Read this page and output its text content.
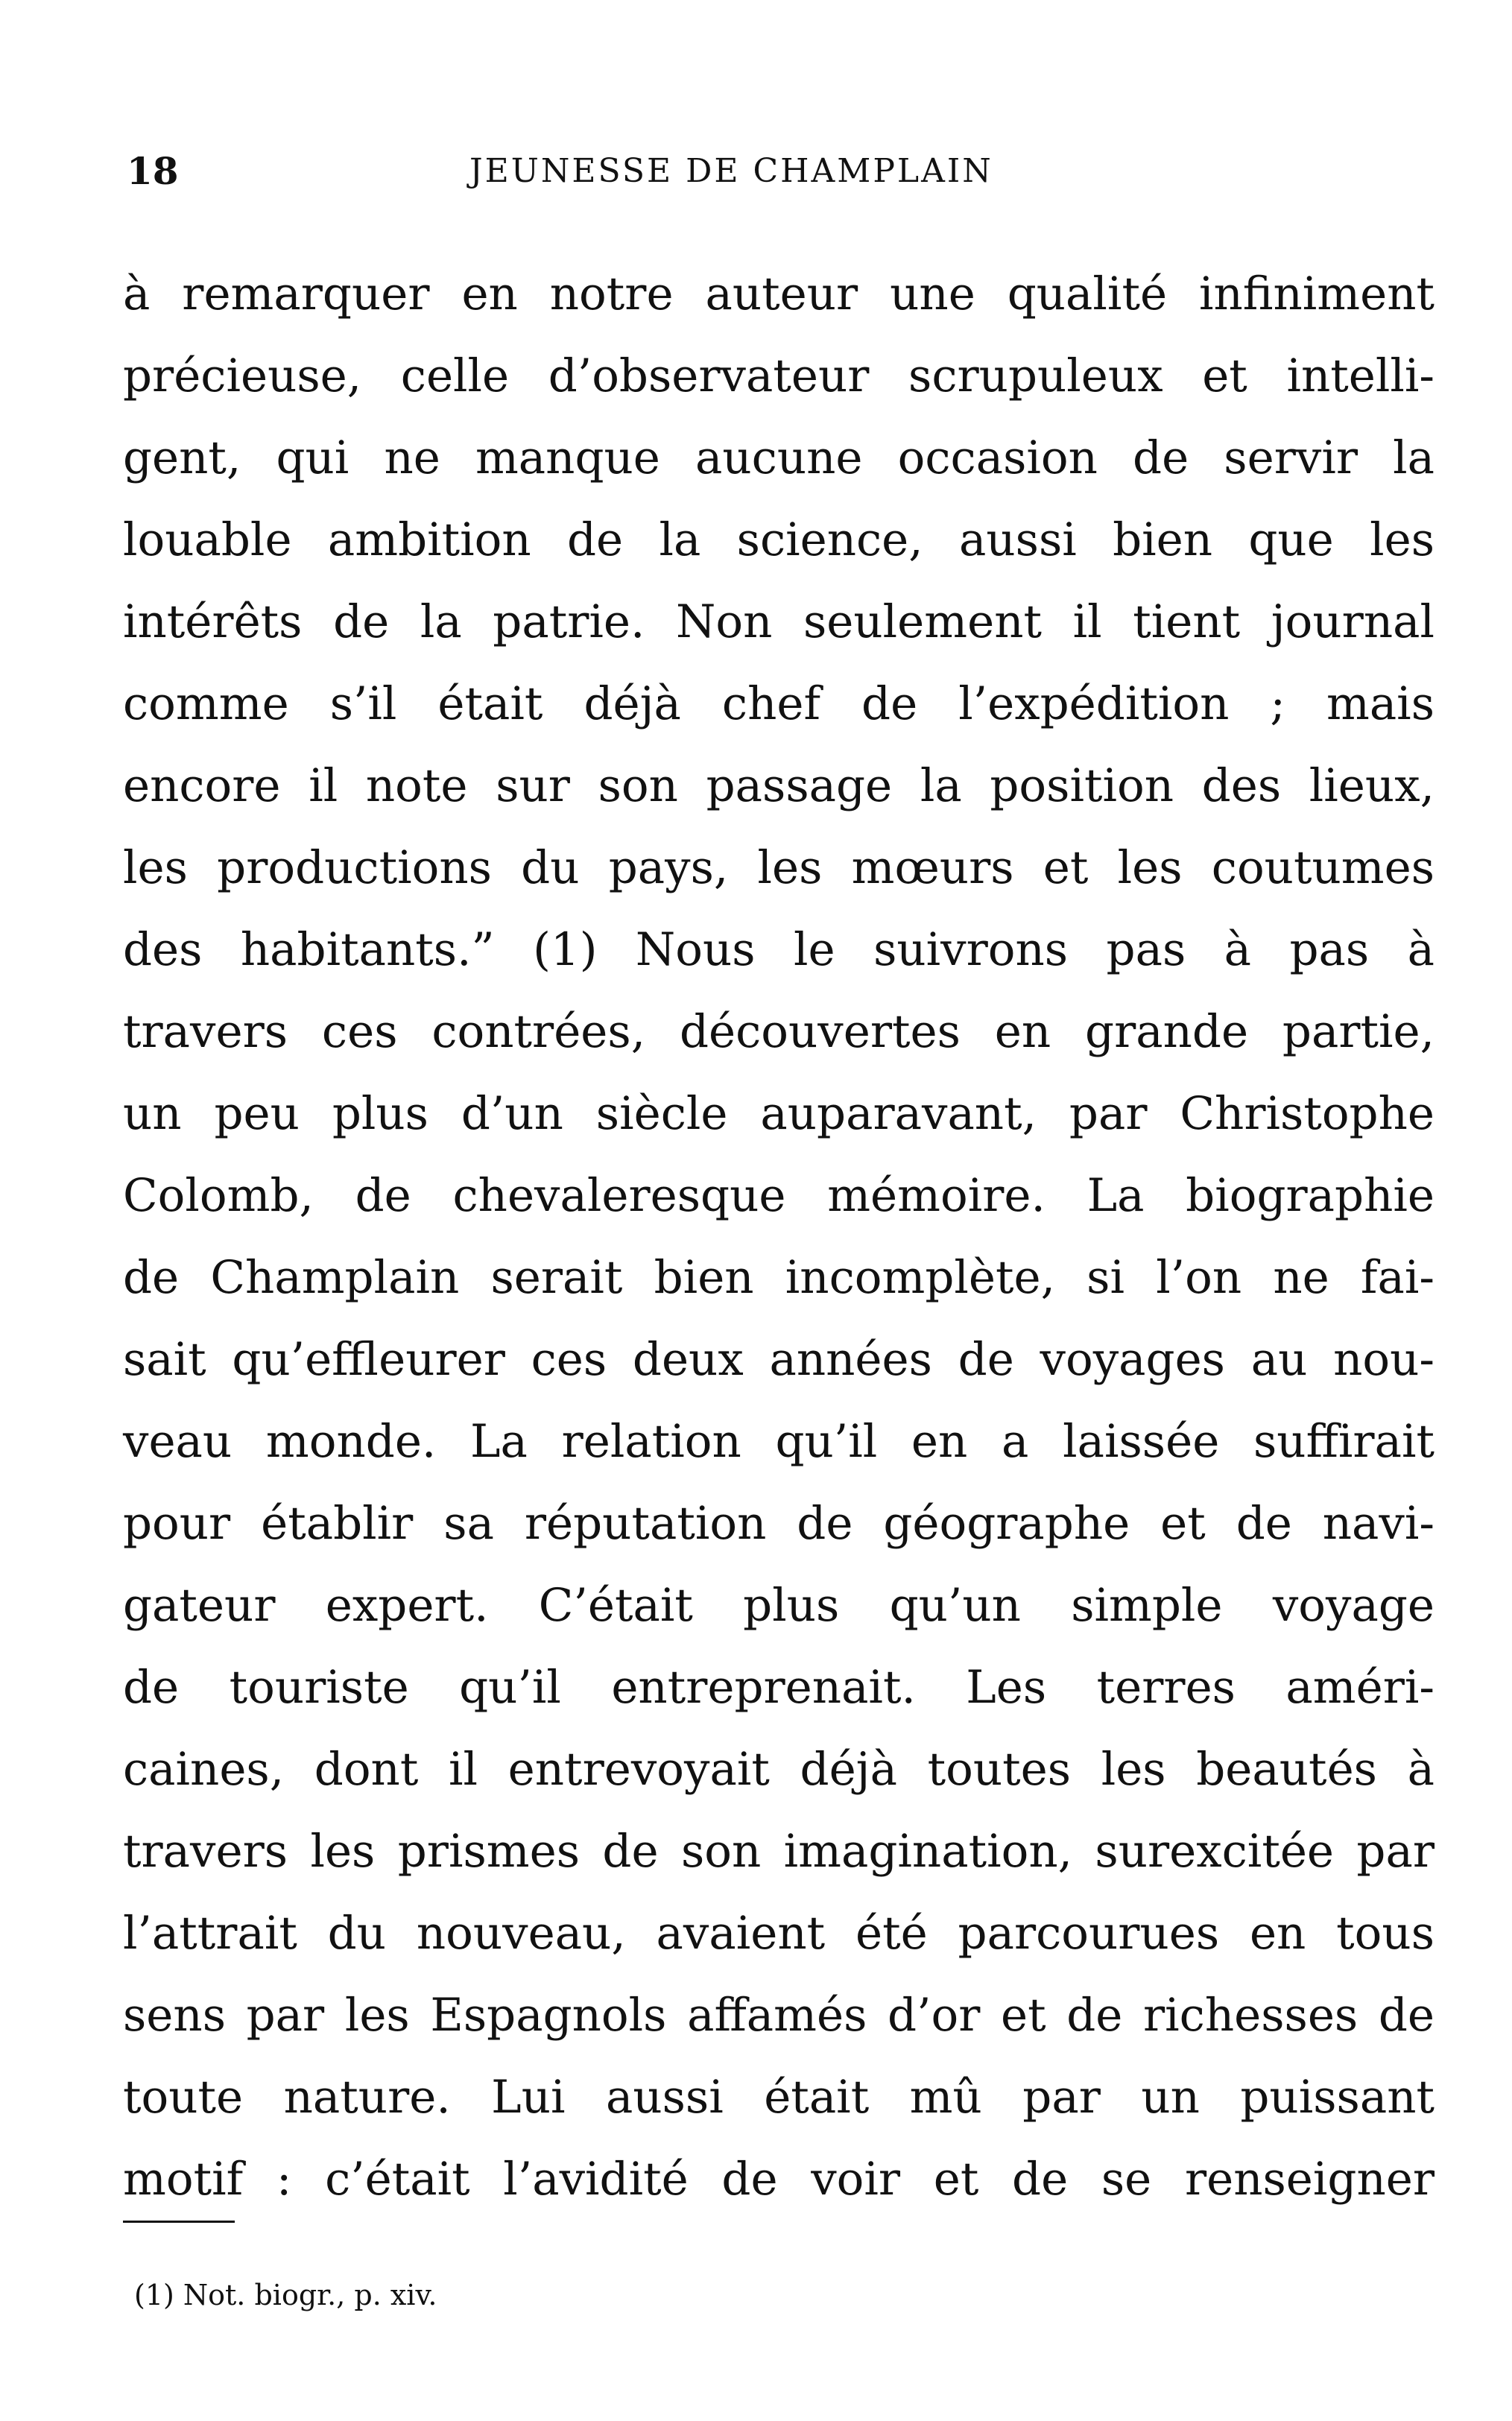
18	JEUNESSE DE CHAMPLAIN
à remarquer en notre auteur une qualité infiniment
précieuse, celle d’observateur scrupuleux et intelli-
gent, qui ne manque aucune occasion de servir la
louable ambition de la science, aussi bien que les
intérêts de la patrie. Non seulement il tient journal
comme s’il était déjà chef de l’expédition ; mais
encore il note sur son passage la position des lieux,
les productions du pays, les mœurs et les coutumes
des habitants.” (1) Nous le suivrons pas à pas à
travers ces contrées, découvertes en grande partie,
un peu plus d’un siècle auparavant, par Christophe
Colomb, de chevaleresque mémoire. La biographie
de Champlain serait bien incomplète, si l’on ne fai-
sait qu’effleurer ces deux années de voyages au nou-
veau monde. La relation qu’il en a laissée suffirait
pour établir sa réputation de géographe et de navi-
gateur expert. C’était plus qu’un simple voyage
de touriste qu’il entreprenait. Les terres améri-
caines, dont il entrevoyait déjà toutes les beautés à
travers les prismes de son imagination, surexcitée par
l’attrait du nouveau, avaient été parcourues en tous
sens par les Espagnols affamés d’or et de richesses de
toute nature. Lui aussi était mû par un puissant
motif : c’était l’avidité de voir et de se renseigner
(1) Not. biogr., p. xiv.
